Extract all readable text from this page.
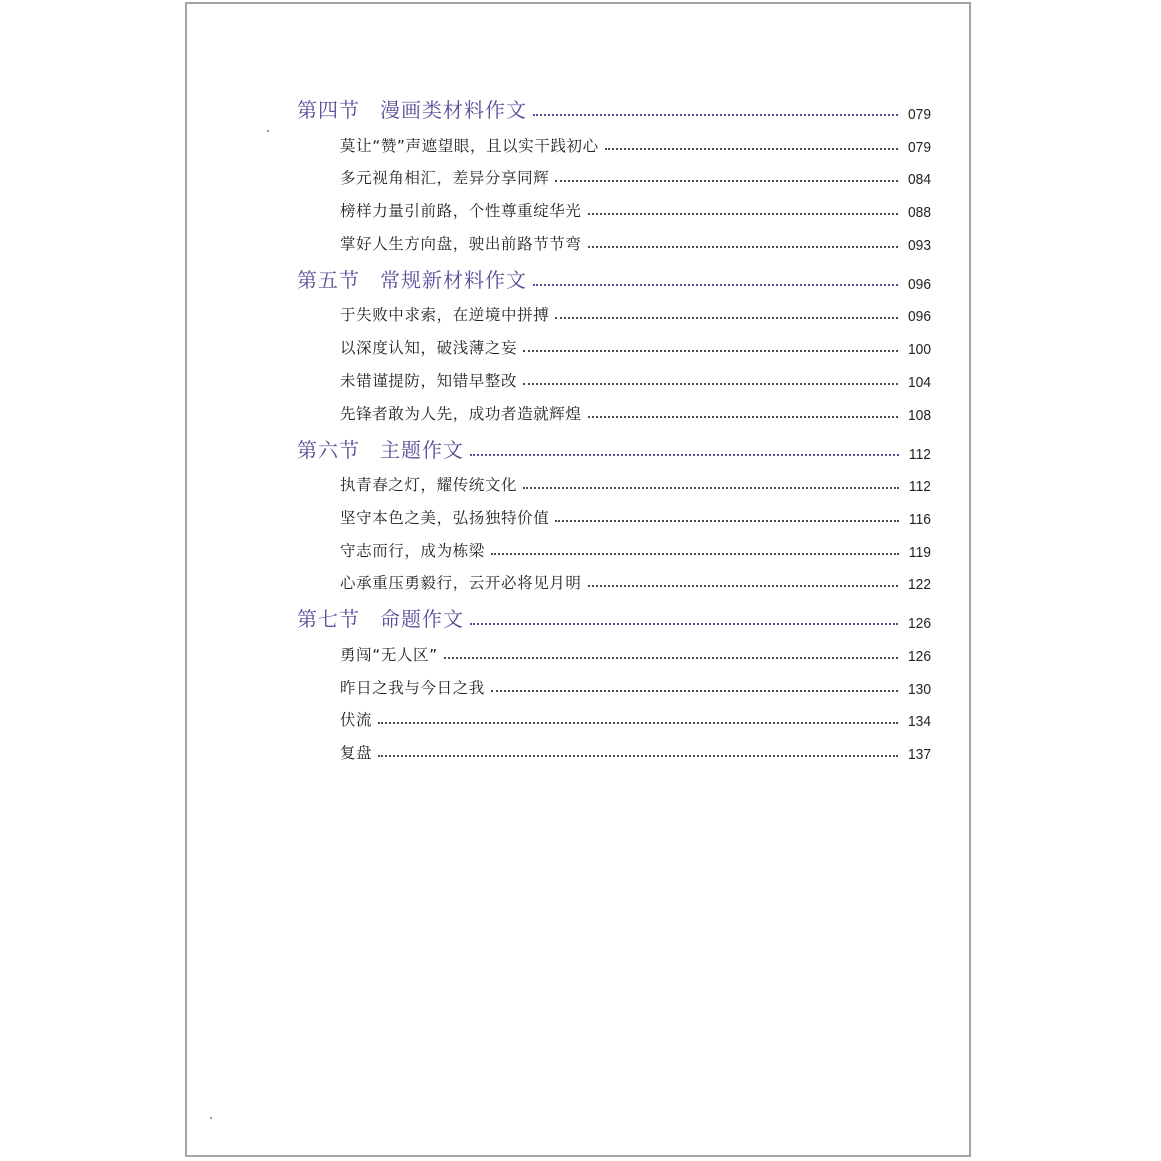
第四节 漫画类材料作文	079
莫让“赞”声遮望眼，且以实干践初心	079
多元视角相汇，差异分享同辉	084
榜样力量引前路，个性尊重绽华光	088
掌好人生方向盘，驶出前路节节弯	093
第五节 常规新材料作文	096
于失败中求索，在逆境中拼搏	096
以深度认知，破浅薄之妄	100
未错谨提防，知错早整改	104
先锋者敢为人先，成功者造就辉煌	108
第六节 主题作文	112
执青春之灯，耀传统文化	112
坚守本色之美，弘扬独特价值	116
守志而行，成为栋梁	119
心承重压勇毅行，云开必将见月明	122
第七节 命题作文	126
勇闯“无人区”	126
昨日之我与今日之我	130
伏流	134
复盘	137
